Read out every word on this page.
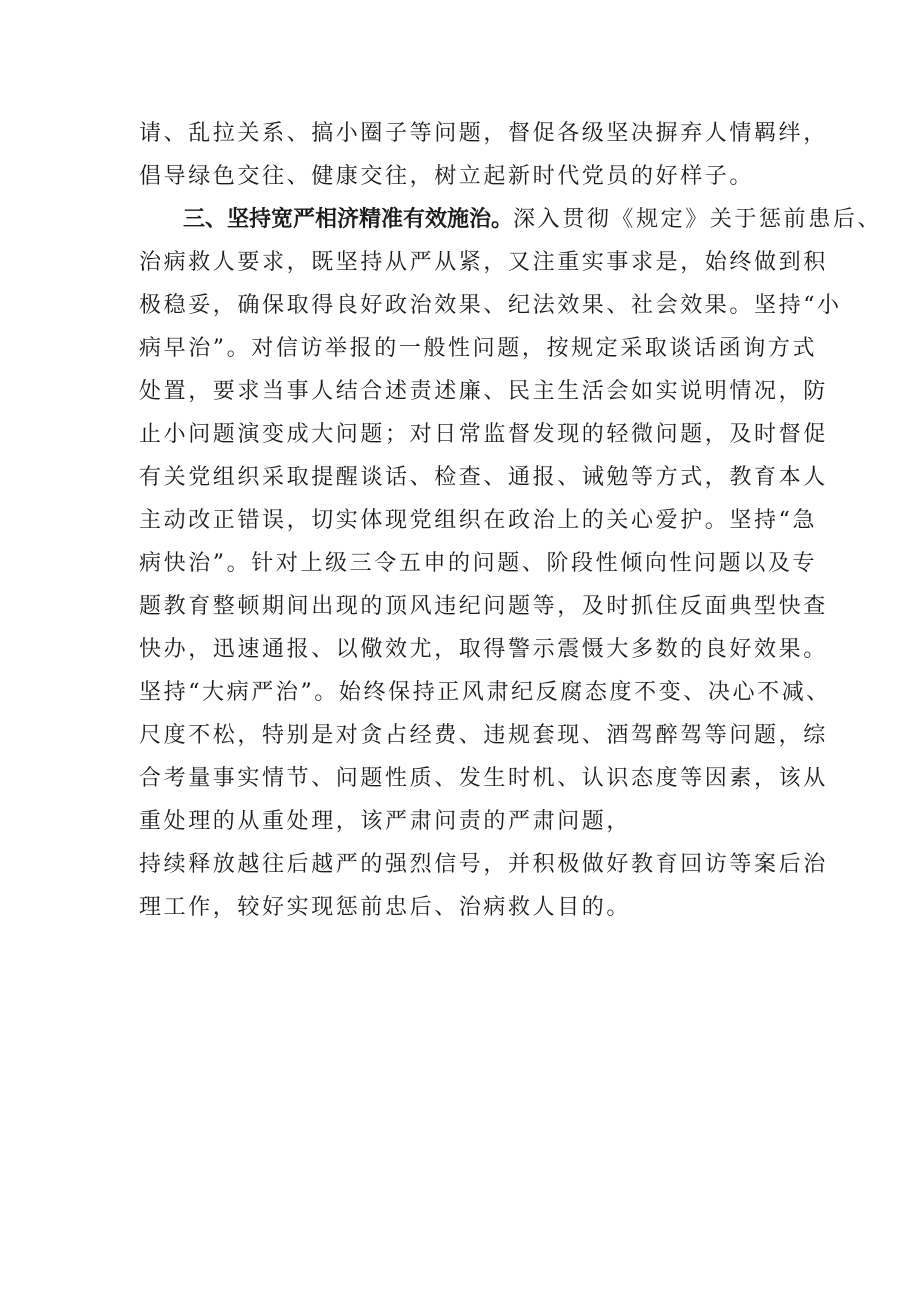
请、乱拉关系、搞小圈子等问题，督促各级坚决摒弃人情羁绊，
倡导绿色交往、健康交往，树立起新时代党员的好样子。
三、坚持宽严相济精准有效施治。深入贯彻《规定》关于惩前患后、
治病救人要求，既坚持从严从紧，又注重实事求是，始终做到积
极稳妥，确保取得良好政治效果、纪法效果、社会效果。坚持“小
病早治”。对信访举报的一般性问题，按规定采取谈话函询方式
处置，要求当事人结合述责述廉、民主生活会如实说明情况，防
止小问题演变成大问题；对日常监督发现的轻微问题，及时督促
有关党组织采取提醒谈话、检查、通报、诫勉等方式，教育本人
主动改正错误，切实体现党组织在政治上的关心爱护。坚持“急
病快治”。针对上级三令五申的问题、阶段性倾向性问题以及专
题教育整顿期间出现的顶风违纪问题等，及时抓住反面典型快查
快办，迅速通报、以儆效尤，取得警示震慑大多数的良好效果。
坚持“大病严治”。始终保持正风肃纪反腐态度不变、决心不减、
尺度不松，特别是对贪占经费、违规套现、酒驾醉驾等问题，综
合考量事实情节、问题性质、发生时机、认识态度等因素，该从
重处理的从重处理，该严肃问责的严肃问题，
持续释放越往后越严的强烈信号，并积极做好教育回访等案后治
理工作，较好实现惩前忠后、治病救人目的。
